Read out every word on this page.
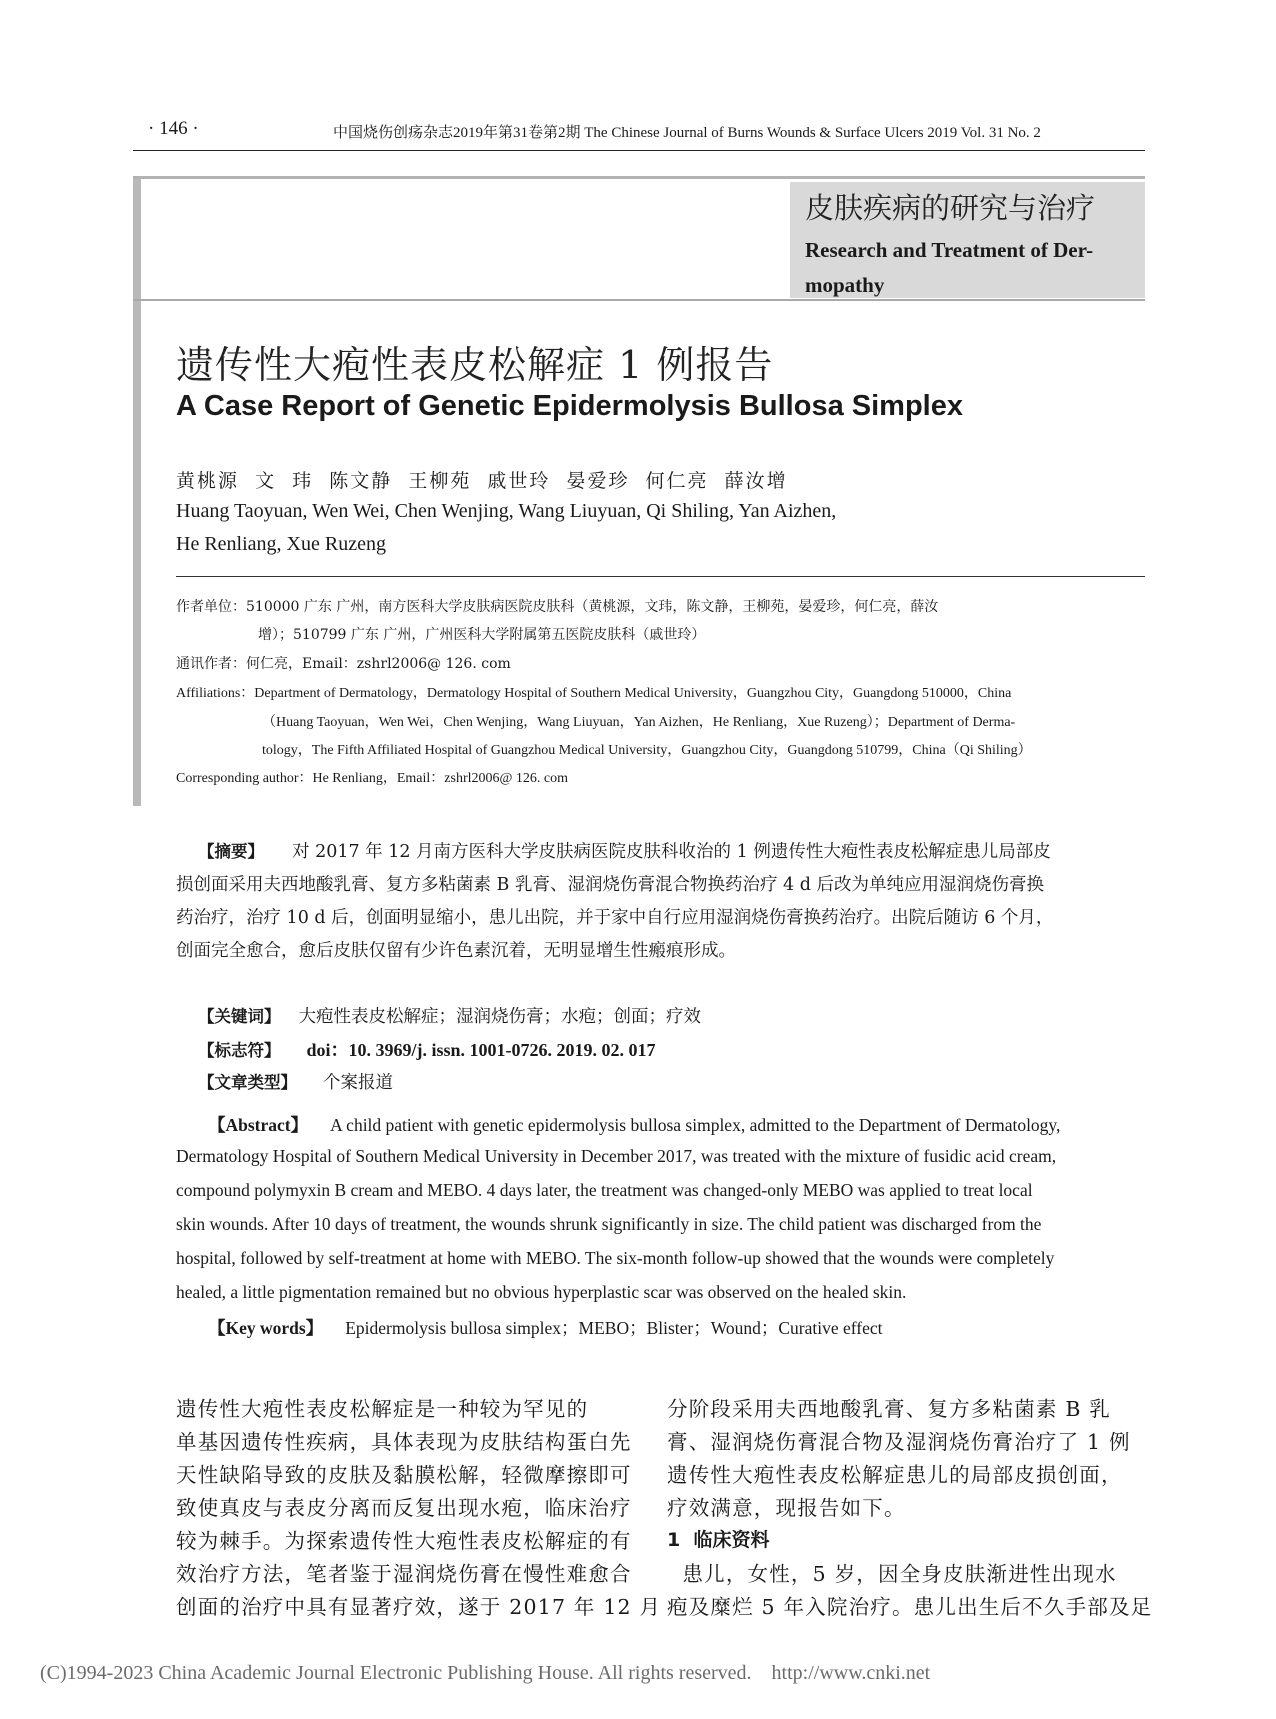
· 146 ·	中国烧伤创疡杂志2019年第31卷第2期 The Chinese Journal of Burns Wounds & Surface Ulcers 2019 Vol. 31 No. 2
皮肤疾病的研究与治疗
Research and Treatment of Der-
mopathy
遗传性大疱性表皮松解症 1 例报告
A Case Report of Genetic Epidermolysis Bullosa Simplex
黄桃源  文  玮  陈文静  王柳苑  戚世玲  晏爱珍  何仁亮  薛汝增
Huang Taoyuan, Wen Wei, Chen Wenjing, Wang Liuyuan, Qi Shiling, Yan Aizhen,
He Renliang, Xue Ruzeng
作者单位：510000 广东 广州，南方医科大学皮肤病医院皮肤科（黄桃源，文玮，陈文静，王柳苑，晏爱珍，何仁亮，薛汝
增）；510799 广东 广州，广州医科大学附属第五医院皮肤科（戚世玲）
通讯作者：何仁亮，Email：zshrl2006@ 126. com
Affiliations：Department of Dermatology，Dermatology Hospital of Southern Medical University，Guangzhou City，Guangdong 510000，China
（Huang Taoyuan，Wen Wei，Chen Wenjing，Wang Liuyuan，Yan Aizhen，He Renliang，Xue Ruzeng）；Department of Derma-
tology，The Fifth Affiliated Hospital of Guangzhou Medical University，Guangzhou City，Guangdong 510799，China（Qi Shiling）
Corresponding author：He Renliang，Email：zshrl2006@ 126. com
【摘要】 对 2017 年 12 月南方医科大学皮肤病医院皮肤科收治的 1 例遗传性大疱性表皮松解症患儿局部皮
损创面采用夫西地酸乳膏、复方多粘菌素 B 乳膏、湿润烧伤膏混合物换药治疗 4 d 后改为单纯应用湿润烧伤膏换
药治疗，治疗 10 d 后，创面明显缩小，患儿出院，并于家中自行应用湿润烧伤膏换药治疗。出院后随访 6 个月，
创面完全愈合，愈后皮肤仅留有少许色素沉着，无明显增生性瘢痕形成。
【关键词】 大疱性表皮松解症；湿润烧伤膏；水疱；创面；疗效
【标志符】 doi：10. 3969/j. issn. 1001-0726. 2019. 02. 017
【文章类型】 个案报道
【Abstract】 A child patient with genetic epidermolysis bullosa simplex, admitted to the Department of Dermatology,
Dermatology Hospital of Southern Medical University in December 2017, was treated with the mixture of fusidic acid cream,
compound polymyxin B cream and MEBO. 4 days later, the treatment was changed-only MEBO was applied to treat local
skin wounds. After 10 days of treatment, the wounds shrunk significantly in size. The child patient was discharged from the
hospital, followed by self-treatment at home with MEBO. The six-month follow-up showed that the wounds were completely
healed, a little pigmentation remained but no obvious hyperplastic scar was observed on the healed skin.
【Key words】 Epidermolysis bullosa simplex；MEBO；Blister；Wound；Curative effect
遗传性大疱性表皮松解症是一种较为罕见的
单基因遗传性疾病，具体表现为皮肤结构蛋白先
天性缺陷导致的皮肤及黏膜松解，轻微摩擦即可
致使真皮与表皮分离而反复出现水疱，临床治疗
较为棘手。为探索遗传性大疱性表皮松解症的有
效治疗方法，笔者鉴于湿润烧伤膏在慢性难愈合
创面的治疗中具有显著疗效，遂于 2017 年 12 月
分阶段采用夫西地酸乳膏、复方多粘菌素 B 乳
膏、湿润烧伤膏混合物及湿润烧伤膏治疗了 1 例
遗传性大疱性表皮松解症患儿的局部皮损创面，
疗效满意，现报告如下。
1  临床资料
患儿，女性，5 岁，因全身皮肤渐进性出现水
疱及糜烂 5 年入院治疗。患儿出生后不久手部及足
(C)1994-2023 China Academic Journal Electronic Publishing House. All rights reserved.    http://www.cnki.net
